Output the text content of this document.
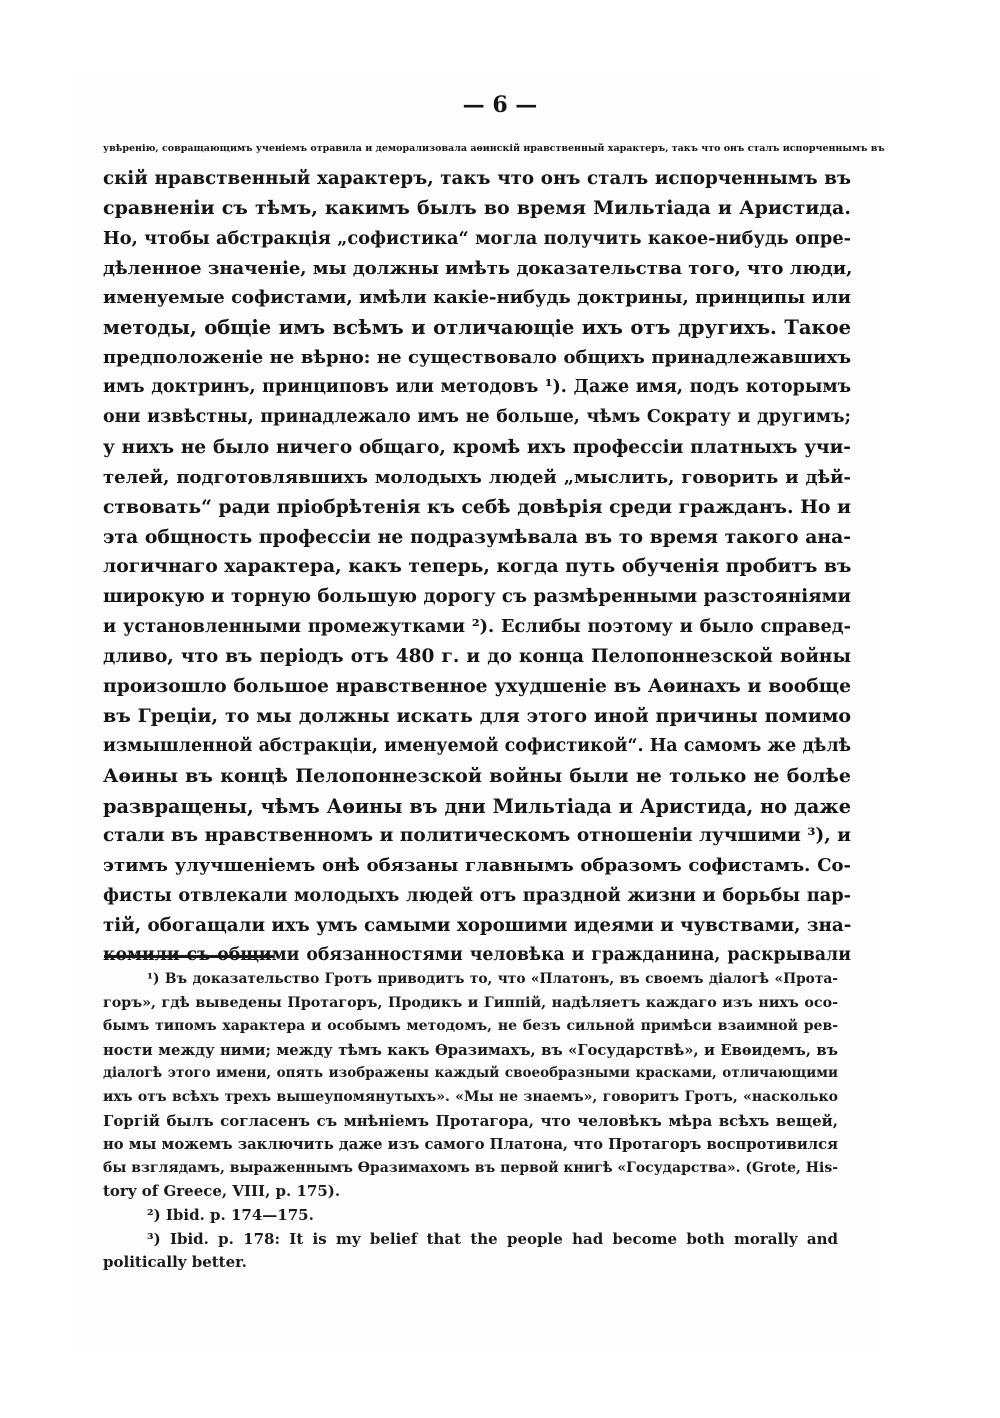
— 6 —

увѣренію, совращающимъ ученіемъ отравила и деморализовала аѳинскій нравственный характеръ, такъ что онъ сталъ испорченнымъ въ
скій нравственный характеръ, такъ что онъ сталъ испорченнымъ въ
сравненіи съ тѣмъ, какимъ былъ во время Мильтіада и Аристида.
Но, чтобы абстракція „софистика“ могла получить какое-нибудь опре-
дѣленное значеніе, мы должны имѣть доказательства того, что люди,
именуемые софистами, имѣли какіе-нибудь доктрины, принципы или
методы, общіе имъ всѣмъ и отличающіе ихъ отъ другихъ. Такое
предположеніе не вѣрно: не существовало общихъ принадлежавшихъ
имъ доктринъ, принциповъ или методовъ ¹). Даже имя, подъ которымъ
они извѣстны, принадлежало имъ не больше, чѣмъ Сократу и другимъ;
у нихъ не было ничего общаго, кромѣ ихъ профессіи платныхъ учи-
телей, подготовлявшихъ молодыхъ людей „мыслить, говорить и дѣй-
ствовать“ ради пріобрѣтенія къ себѣ довѣрія среди гражданъ. Но и
эта общность профессіи не подразумѣвала въ то время такого ана-
логичнаго характера, какъ теперь, когда путь обученія пробитъ въ
широкую и торную большую дорогу съ размѣренными разстояніями
и установленными промежутками ²). Еслибы поэтому и было справед-
дливо, что въ періодъ отъ 480 г. и до конца Пелопоннезской войны
произошло большое нравственное ухудшеніе въ Аѳинахъ и вообще
въ Греціи, то мы должны искать для этого иной причины помимо
измышленной абстракціи, именуемой софистикой“. На самомъ же дѣлѣ
Аѳины въ концѣ Пелопоннезской войны были не только не болѣе
развращены, чѣмъ Аѳины въ дни Мильтіада и Аристида, но даже
стали въ нравственномъ и политическомъ отношеніи лучшими ³), и
этимъ улучшеніемъ онѣ обязаны главнымъ образомъ софистамъ. Со-
фисты отвлекали молодыхъ людей отъ праздной жизни и борьбы пар-
тій, обогащали ихъ умъ самыми хорошими идеями и чувствами, зна-
комили съ общими обязанностями человѣка и гражданина, раскрывали
¹) Въ доказательство Гротъ приводитъ то, что «Платонъ, въ своемъ діалогѣ «Прота-
горъ», гдѣ выведены Протагоръ, Продикъ и Гиппій, надѣляетъ каждаго изъ нихъ осо-
бымъ типомъ характера и особымъ методомъ, не безъ сильной примѣси взаимной рев-
ности между ними; между тѣмъ какъ Ѳразимахъ, въ «Государствѣ», и Евѳидемъ, въ
діалогѣ этого имени, опять изображены каждый своеобразными красками, отличающими
ихъ отъ всѣхъ трехъ вышеупомянутыхъ». «Мы не знаемъ», говоритъ Гротъ, «насколько
Горгій былъ согласенъ съ мнѣніемъ Протагора, что человѣкъ мѣра всѣхъ вещей,
но мы можемъ заключить даже изъ самого Платона, что Протагоръ воспротивился
бы взглядамъ, выраженнымъ Ѳразимахомъ въ первой книгѣ «Государства». (Grote, His-
tory of Greece, VIII, p. 175).
²) Ibid. p. 174—175.
³) Ibid. p. 178: It is my belief that the people had become both morally and
politically better.
